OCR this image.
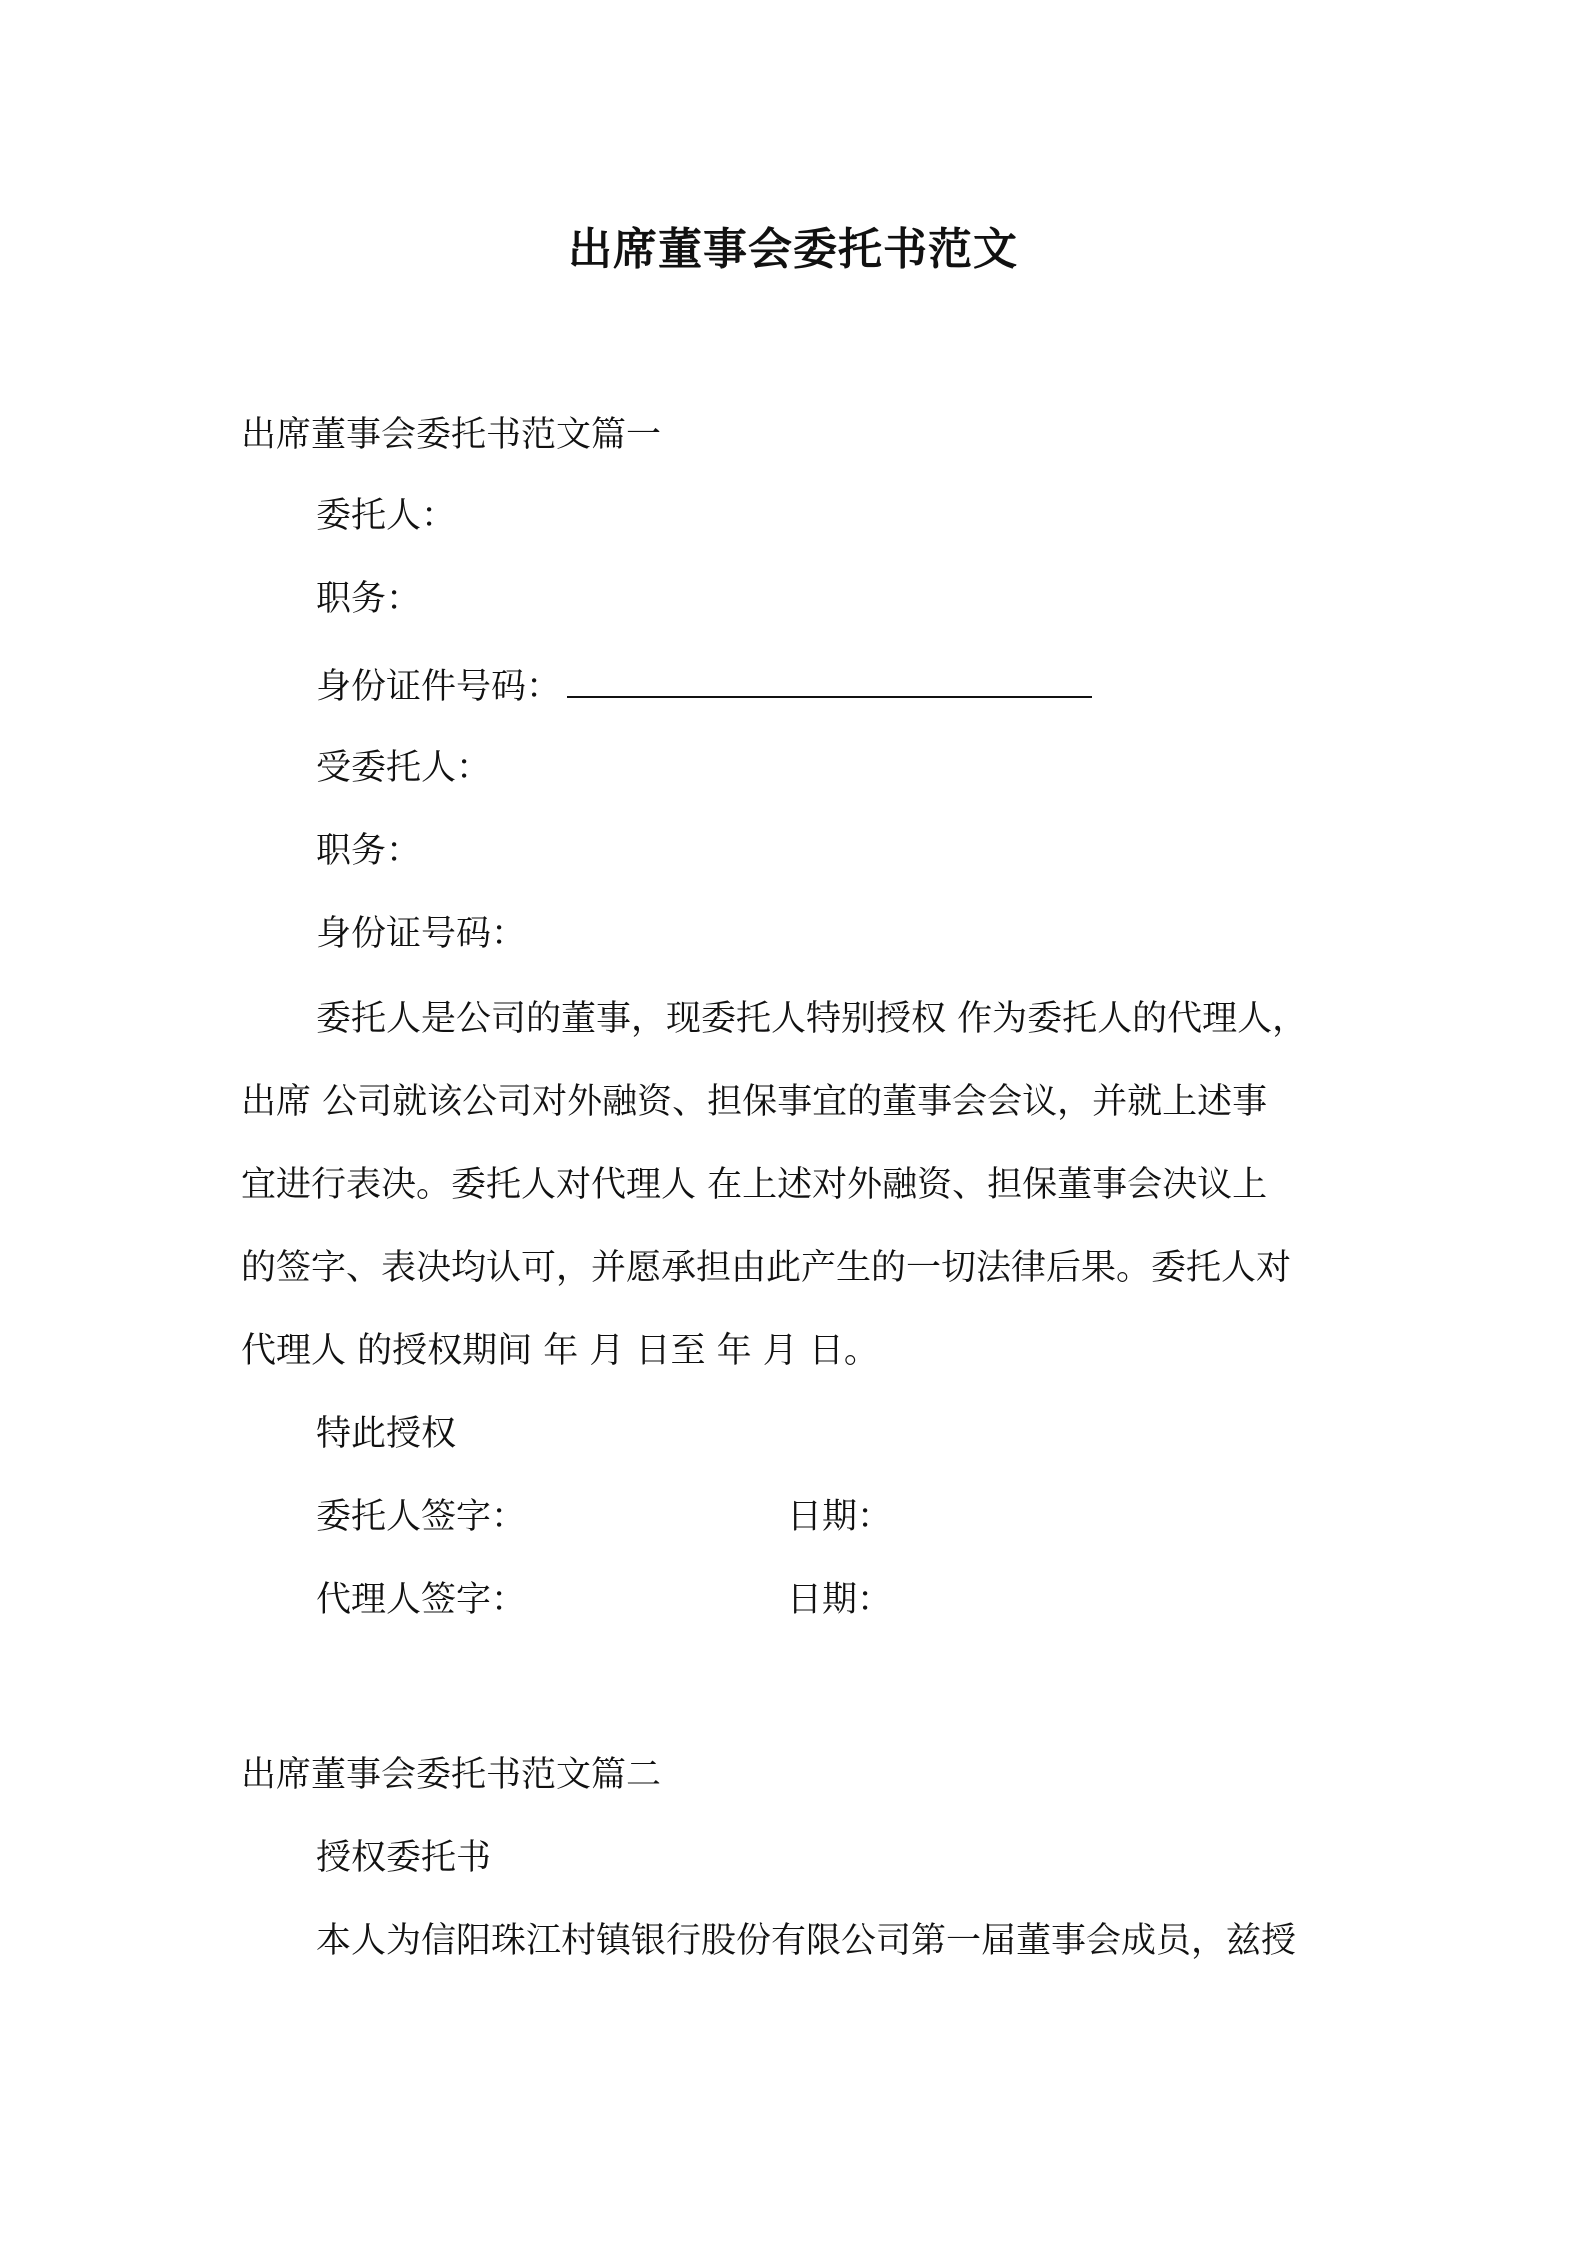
出席董事会委托书范文
出席董事会委托书范文篇一
委托人：
职务：
身份证件号码：
受委托人：
职务：
身份证号码：
委托人是公司的董事，现委托人特别授权 作为委托人的代理人，
出席 公司就该公司对外融资、担保事宜的董事会会议，并就上述事
宜进行表决。委托人对代理人 在上述对外融资、担保董事会决议上
的签字、表决均认可，并愿承担由此产生的一切法律后果。委托人对
代理人 的授权期间 年 月 日至 年 月 日。
特此授权
委托人签字：	日期：
代理人签字：	日期：
出席董事会委托书范文篇二
授权委托书
本人为信阳珠江村镇银行股份有限公司第一届董事会成员，兹授
